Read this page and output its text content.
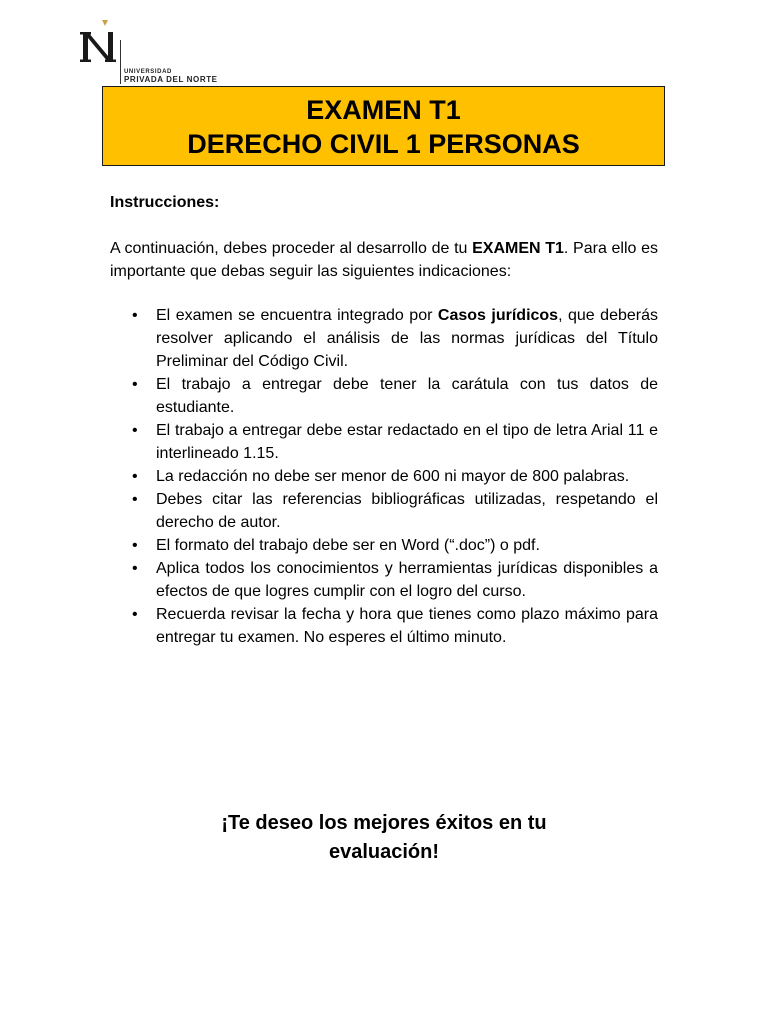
universidad
PRIVADA DEL NORTE
EXAMEN T1
DERECHO CIVIL 1 PERSONAS
Instrucciones:
A continuación, debes proceder al desarrollo de tu EXAMEN T1. Para ello es importante que debas seguir las siguientes indicaciones:
• El examen se encuentra integrado por Casos jurídicos, que deberás resolver aplicando el análisis de las normas jurídicas del Título Preliminar del Código Civil.
• El trabajo a entregar debe tener la carátula con tus datos de estudiante.
• El trabajo a entregar debe estar redactado en el tipo de letra Arial 11 e interlineado 1.15.
• La redacción no debe ser menor de 600 ni mayor de 800 palabras.
• Debes citar las referencias bibliográficas utilizadas, respetando el derecho de autor.
• El formato del trabajo debe ser en Word (“.doc”) o pdf.
• Aplica todos los conocimientos y herramientas jurídicas disponibles a efectos de que logres cumplir con el logro del curso.
• Recuerda revisar la fecha y hora que tienes como plazo máximo para entregar tu examen. No esperes el último minuto.
¡Te deseo los mejores éxitos en tu
evaluación!
